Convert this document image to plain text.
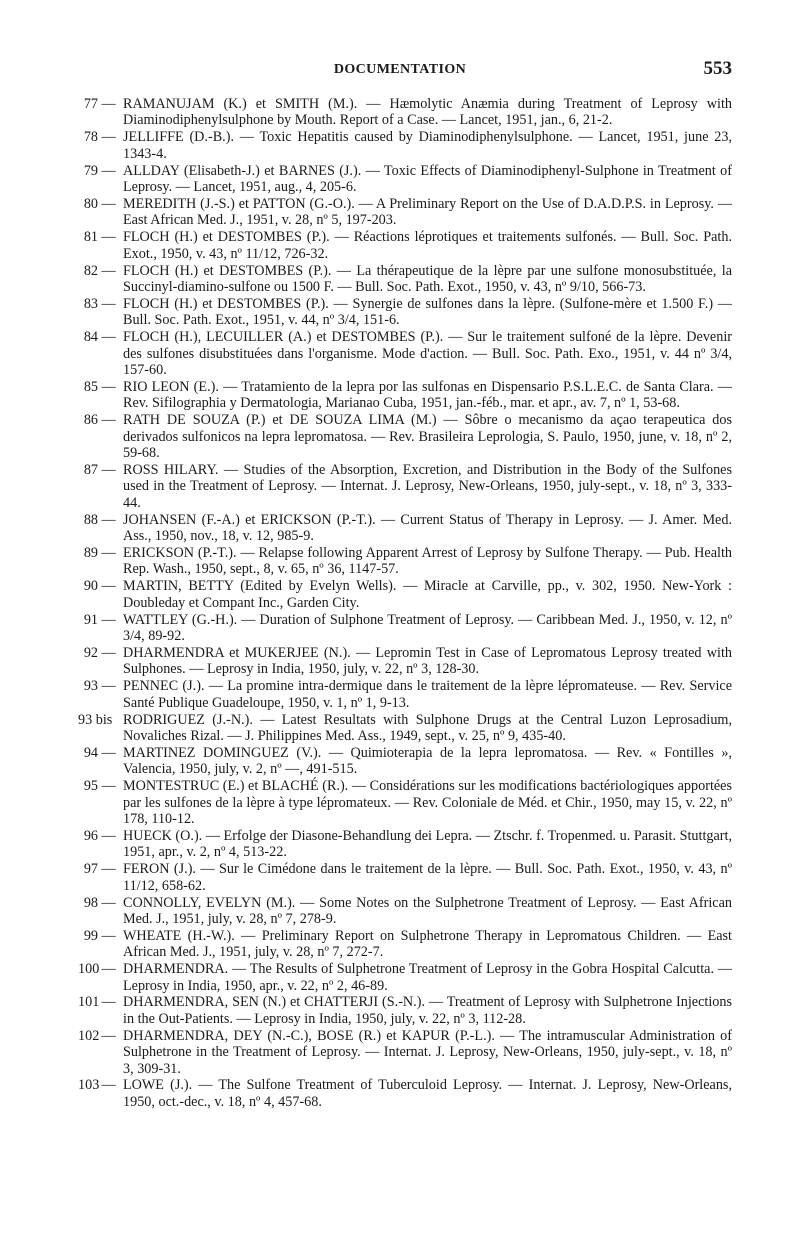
DOCUMENTATION	553
77 — RAMANUJAM (K.) et SMITH (M.). — Hæmolytic Anæmia during Treatment of Leprosy with Diaminodiphenylsulphone by Mouth. Report of a Case. — Lancet, 1951, jan., 6, 21-2.
78 — JELLIFFE (D.-B.). — Toxic Hepatitis caused by Diaminodiphenylsulphone. — Lancet, 1951, june 23, 1343-4.
79 — ALLDAY (Elisabeth-J.) et BARNES (J.). — Toxic Effects of Diaminodiphenyl-Sulphone in Treatment of Leprosy. — Lancet, 1951, aug., 4, 205-6.
80 — MEREDITH (J.-S.) et PATTON (G.-O.). — A Preliminary Report on the Use of D.A.D.P.S. in Leprosy. — East African Med. J., 1951, v. 28, nº 5, 197-203.
81 — FLOCH (H.) et DESTOMBES (P.). — Réactions léprotiques et traitements sulfonés. — Bull. Soc. Path. Exot., 1950, v. 43, nº 11/12, 726-32.
82 — FLOCH (H.) et DESTOMBES (P.). — La thérapeutique de la lèpre par une sulfone monosubstituée, la Succinyl-diamino-sulfone ou 1500 F. — Bull. Soc. Path. Exot., 1950, v. 43, nº 9/10, 566-73.
83 — FLOCH (H.) et DESTOMBES (P.). — Synergie de sulfones dans la lèpre. (Sulfone-mère et 1.500 F.) — Bull. Soc. Path. Exot., 1951, v. 44, nº 3/4, 151-6.
84 — FLOCH (H.), LECUILLER (A.) et DESTOMBES (P.). — Sur le traitement sulfoné de la lèpre. Devenir des sulfones disubstituées dans l'organisme. Mode d'action. — Bull. Soc. Path. Exo., 1951, v. 44 nº 3/4, 157-60.
85 — RIO LEON (E.). — Tratamiento de la lepra por las sulfonas en Dispensario P.S.L.E.C. de Santa Clara. — Rev. Sifilographia y Dermatologia, Marianao Cuba, 1951, jan.-féb., mar. et apr., av. 7, nº 1, 53-68.
86 — RATH DE SOUZA (P.) et DE SOUZA LIMA (M.) — Sôbre o mecanismo da açao terapeutica dos derivados sulfonicos na lepra lepromatosa. — Rev. Brasileira Leprologia, S. Paulo, 1950, june, v. 18, nº 2, 59-68.
87 — ROSS HILARY. — Studies of the Absorption, Excretion, and Distribution in the Body of the Sulfones used in the Treatment of Leprosy. — Internat. J. Leprosy, New-Orleans, 1950, july-sept., v. 18, nº 3, 333-44.
88 — JOHANSEN (F.-A.) et ERICKSON (P.-T.). — Current Status of Therapy in Leprosy. — J. Amer. Med. Ass., 1950, nov., 18, v. 12, 985-9.
89 — ERICKSON (P.-T.). — Relapse following Apparent Arrest of Leprosy by Sulfone Therapy. — Pub. Health Rep. Wash., 1950, sept., 8, v. 65, nº 36, 1147-57.
90 — MARTIN, BETTY (Edited by Evelyn Wells). — Miracle at Carville, pp., v. 302, 1950. New-York : Doubleday et Compant Inc., Garden City.
91 — WATTLEY (G.-H.). — Duration of Sulphone Treatment of Leprosy. — Caribbean Med. J., 1950, v. 12, nº 3/4, 89-92.
92 — DHARMENDRA et MUKERJEE (N.). — Lepromin Test in Case of Lepromatous Leprosy treated with Sulphones. — Leprosy in India, 1950, july, v. 22, nº 3, 128-30.
93 — PENNEC (J.). — La promine intra-dermique dans le traitement de la lèpre lépromateuse. — Rev. Service Santé Publique Guadeloupe, 1950, v. 1, nº 1, 9-13.
93 bis RODRIGUEZ (J.-N.). — Latest Resultats with Sulphone Drugs at the Central Luzon Leprosadium, Novaliches Rizal. — J. Philippines Med. Ass., 1949, sept., v. 25, nº 9, 435-40.
94 — MARTINEZ DOMINGUEZ (V.). — Quimioterapia de la lepra lepromatosa. — Rev. « Fontilles », Valencia, 1950, july, v. 2, nº —, 491-515.
95 — MONTESTRUC (E.) et BLACHÉ (R.). — Considérations sur les modifications bactériologiques apportées par les sulfones de la lèpre à type lépromateux. — Rev. Coloniale de Méd. et Chir., 1950, may 15, v. 22, nº 178, 110-12.
96 — HUECK (O.). — Erfolge der Diasone-Behandlung dei Lepra. — Ztschr. f. Tropenmed. u. Parasit. Stuttgart, 1951, apr., v. 2, nº 4, 513-22.
97 — FERON (J.). — Sur le Cimédone dans le traitement de la lèpre. — Bull. Soc. Path. Exot., 1950, v. 43, nº 11/12, 658-62.
98 — CONNOLLY, EVELYN (M.). — Some Notes on the Sulphetrone Treatment of Leprosy. — East African Med. J., 1951, july, v. 28, nº 7, 278-9.
99 — WHEATE (H.-W.). — Preliminary Report on Sulphetrone Therapy in Lepromatous Children. — East African Med. J., 1951, july, v. 28, nº 7, 272-7.
100 — DHARMENDRA. — The Results of Sulphetrone Treatment of Leprosy in the Gobra Hospital Calcutta. — Leprosy in India, 1950, apr., v. 22, nº 2, 46-89.
101 — DHARMENDRA, SEN (N.) et CHATTERJI (S.-N.). — Treatment of Leprosy with Sulphetrone Injections in the Out-Patients. — Leprosy in India, 1950, july, v. 22, nº 3, 112-28.
102 — DHARMENDRA, DEY (N.-C.), BOSE (R.) et KAPUR (P.-L.). — The intramuscular Administration of Sulphetrone in the Treatment of Leprosy. — Internat. J. Leprosy, New-Orleans, 1950, july-sept., v. 18, nº 3, 309-31.
103 — LOWE (J.). — The Sulfone Treatment of Tuberculoid Leprosy. — Internat. J. Leprosy, New-Orleans, 1950, oct.-dec., v. 18, nº 4, 457-68.
